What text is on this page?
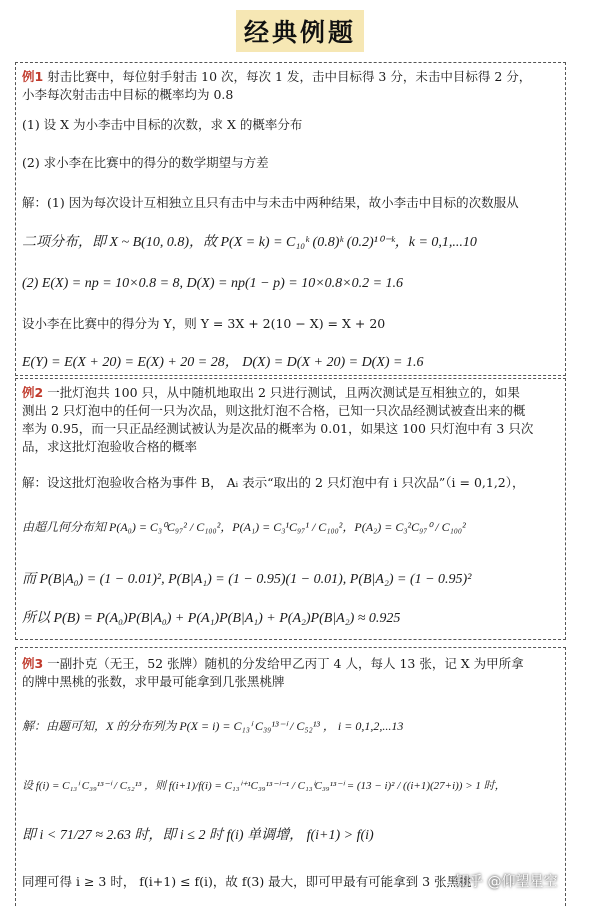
经典例题
例1 射击比赛中，每位射手射击 10 次，每次 1 发，击中目标得 3 分，未击中目标得 2 分，
小李每次射击击中目标的概率均为 0.8
(1) 设 X 为小李击中目标的次数，求 X 的概率分布
(2) 求小李在比赛中的得分的数学期望与方差
解：(1) 因为每次设计互相独立且只有击中与未击中两种结果，故小李击中目标的次数服从
二项分布，即 X ~ B(10, 0.8)，故 P(X = k) = C₁₀ᵏ (0.8)ᵏ (0.2)¹⁰⁻ᵏ，k = 0,1,...10
(2) E(X) = np = 10×0.8 = 8, D(X) = np(1 − p) = 10×0.8×0.2 = 1.6
设小李在比赛中的得分为 Y，则 Y = 3X + 2(10 − X) = X + 20
E(Y) = E(X + 20) = E(X) + 20 = 28， D(X) = D(X + 20) = D(X) = 1.6
例2 一批灯泡共 100 只，从中随机地取出 2 只进行测试，且两次测试是互相独立的，如果
测出 2 只灯泡中的任何一只为次品，则这批灯泡不合格，已知一只次品经测试被查出来的概
率为 0.95，而一只正品经测试被认为是次品的概率为 0.01，如果这 100 只灯泡中有 3 只次
品，求这批灯泡验收合格的概率
解：设这批灯泡验收合格为事件 B， Aᵢ 表示“取出的 2 只灯泡中有 i 只次品”（i = 0,1,2），
由超几何分布知 P(A₀) = C₃⁰C₉₇² / C₁₀₀²，P(A₁) = C₃¹C₉₇¹ / C₁₀₀²，P(A₂) = C₃²C₉₇⁰ / C₁₀₀²
而 P(B|A₀) = (1 − 0.01)², P(B|A₁) = (1 − 0.95)(1 − 0.01), P(B|A₂) = (1 − 0.95)²
所以 P(B) = P(A₀)P(B|A₀) + P(A₁)P(B|A₁) + P(A₂)P(B|A₂) ≈ 0.925
例3 一副扑克（无王，52 张牌）随机的分发给甲乙丙丁 4 人，每人 13 张，记 X 为甲所拿
的牌中黑桃的张数，求甲最可能拿到几张黑桃牌
解：由题可知，X 的分布列为 P(X = i) = C₁₃ⁱ C₃₉¹³⁻ⁱ / C₅₂¹³ ， i = 0,1,2,...13
设 f(i) = C₁₃ⁱ C₃₉¹³⁻ⁱ / C₅₂¹³ ，则 f(i+1)/f(i) = C₁₃ⁱ⁺¹C₃₉¹³⁻ⁱ⁻¹ / C₁₃ⁱC₃₉¹³⁻ⁱ = (13 − i)² / ((i+1)(27+i)) > 1 时，
即 i < 71/27 ≈ 2.63 时，即 i ≤ 2 时 f(i) 单调增， f(i+1) > f(i)
同理可得 i ≥ 3 时， f(i+1) ≤ f(i)，故 f(3) 最大，即可甲最有可能拿到 3 张黑桃
知乎 @仰望星空
